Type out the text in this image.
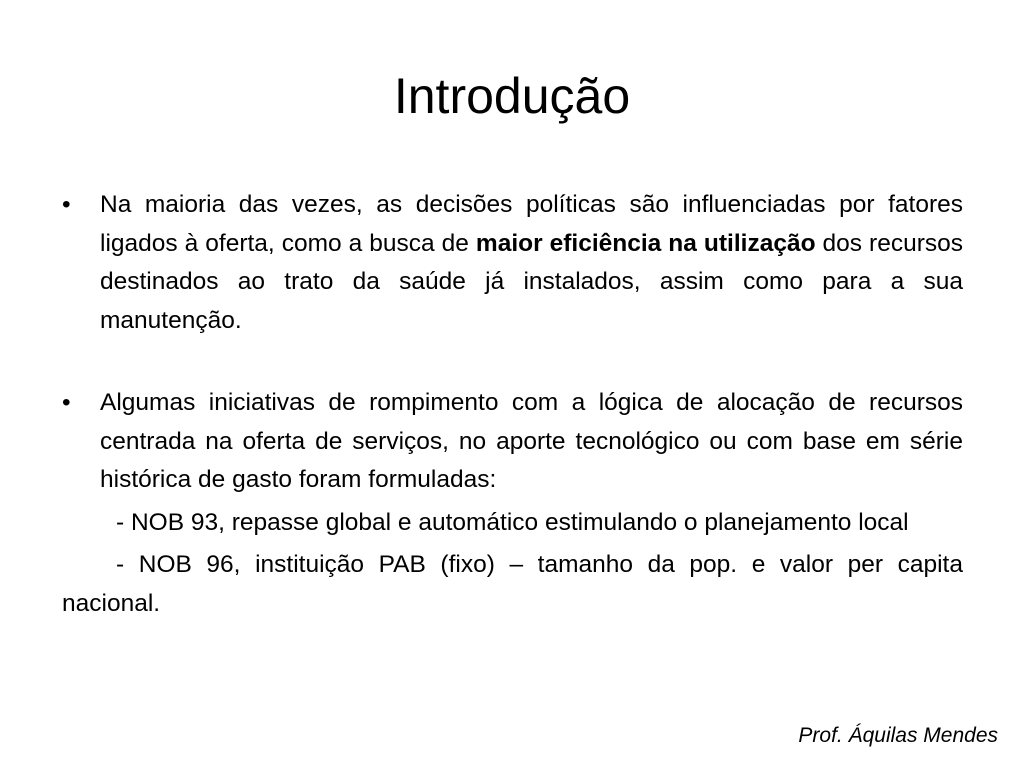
Introdução

•	Na maioria das vezes, as decisões políticas são influenciadas por fatores ligados à oferta, como a busca de maior eficiência na utilização dos recursos destinados ao trato da saúde já instalados, assim como para a sua manutenção.

•	Algumas iniciativas de rompimento com a lógica de alocação de recursos centrada na oferta de serviços, no aporte tecnológico ou com base em série histórica de gasto foram formuladas:

- NOB 93, repasse global e automático estimulando o planejamento local

- NOB 96, instituição PAB (fixo) – tamanho da pop. e valor per capita nacional.

Prof. Áquilas Mendes
